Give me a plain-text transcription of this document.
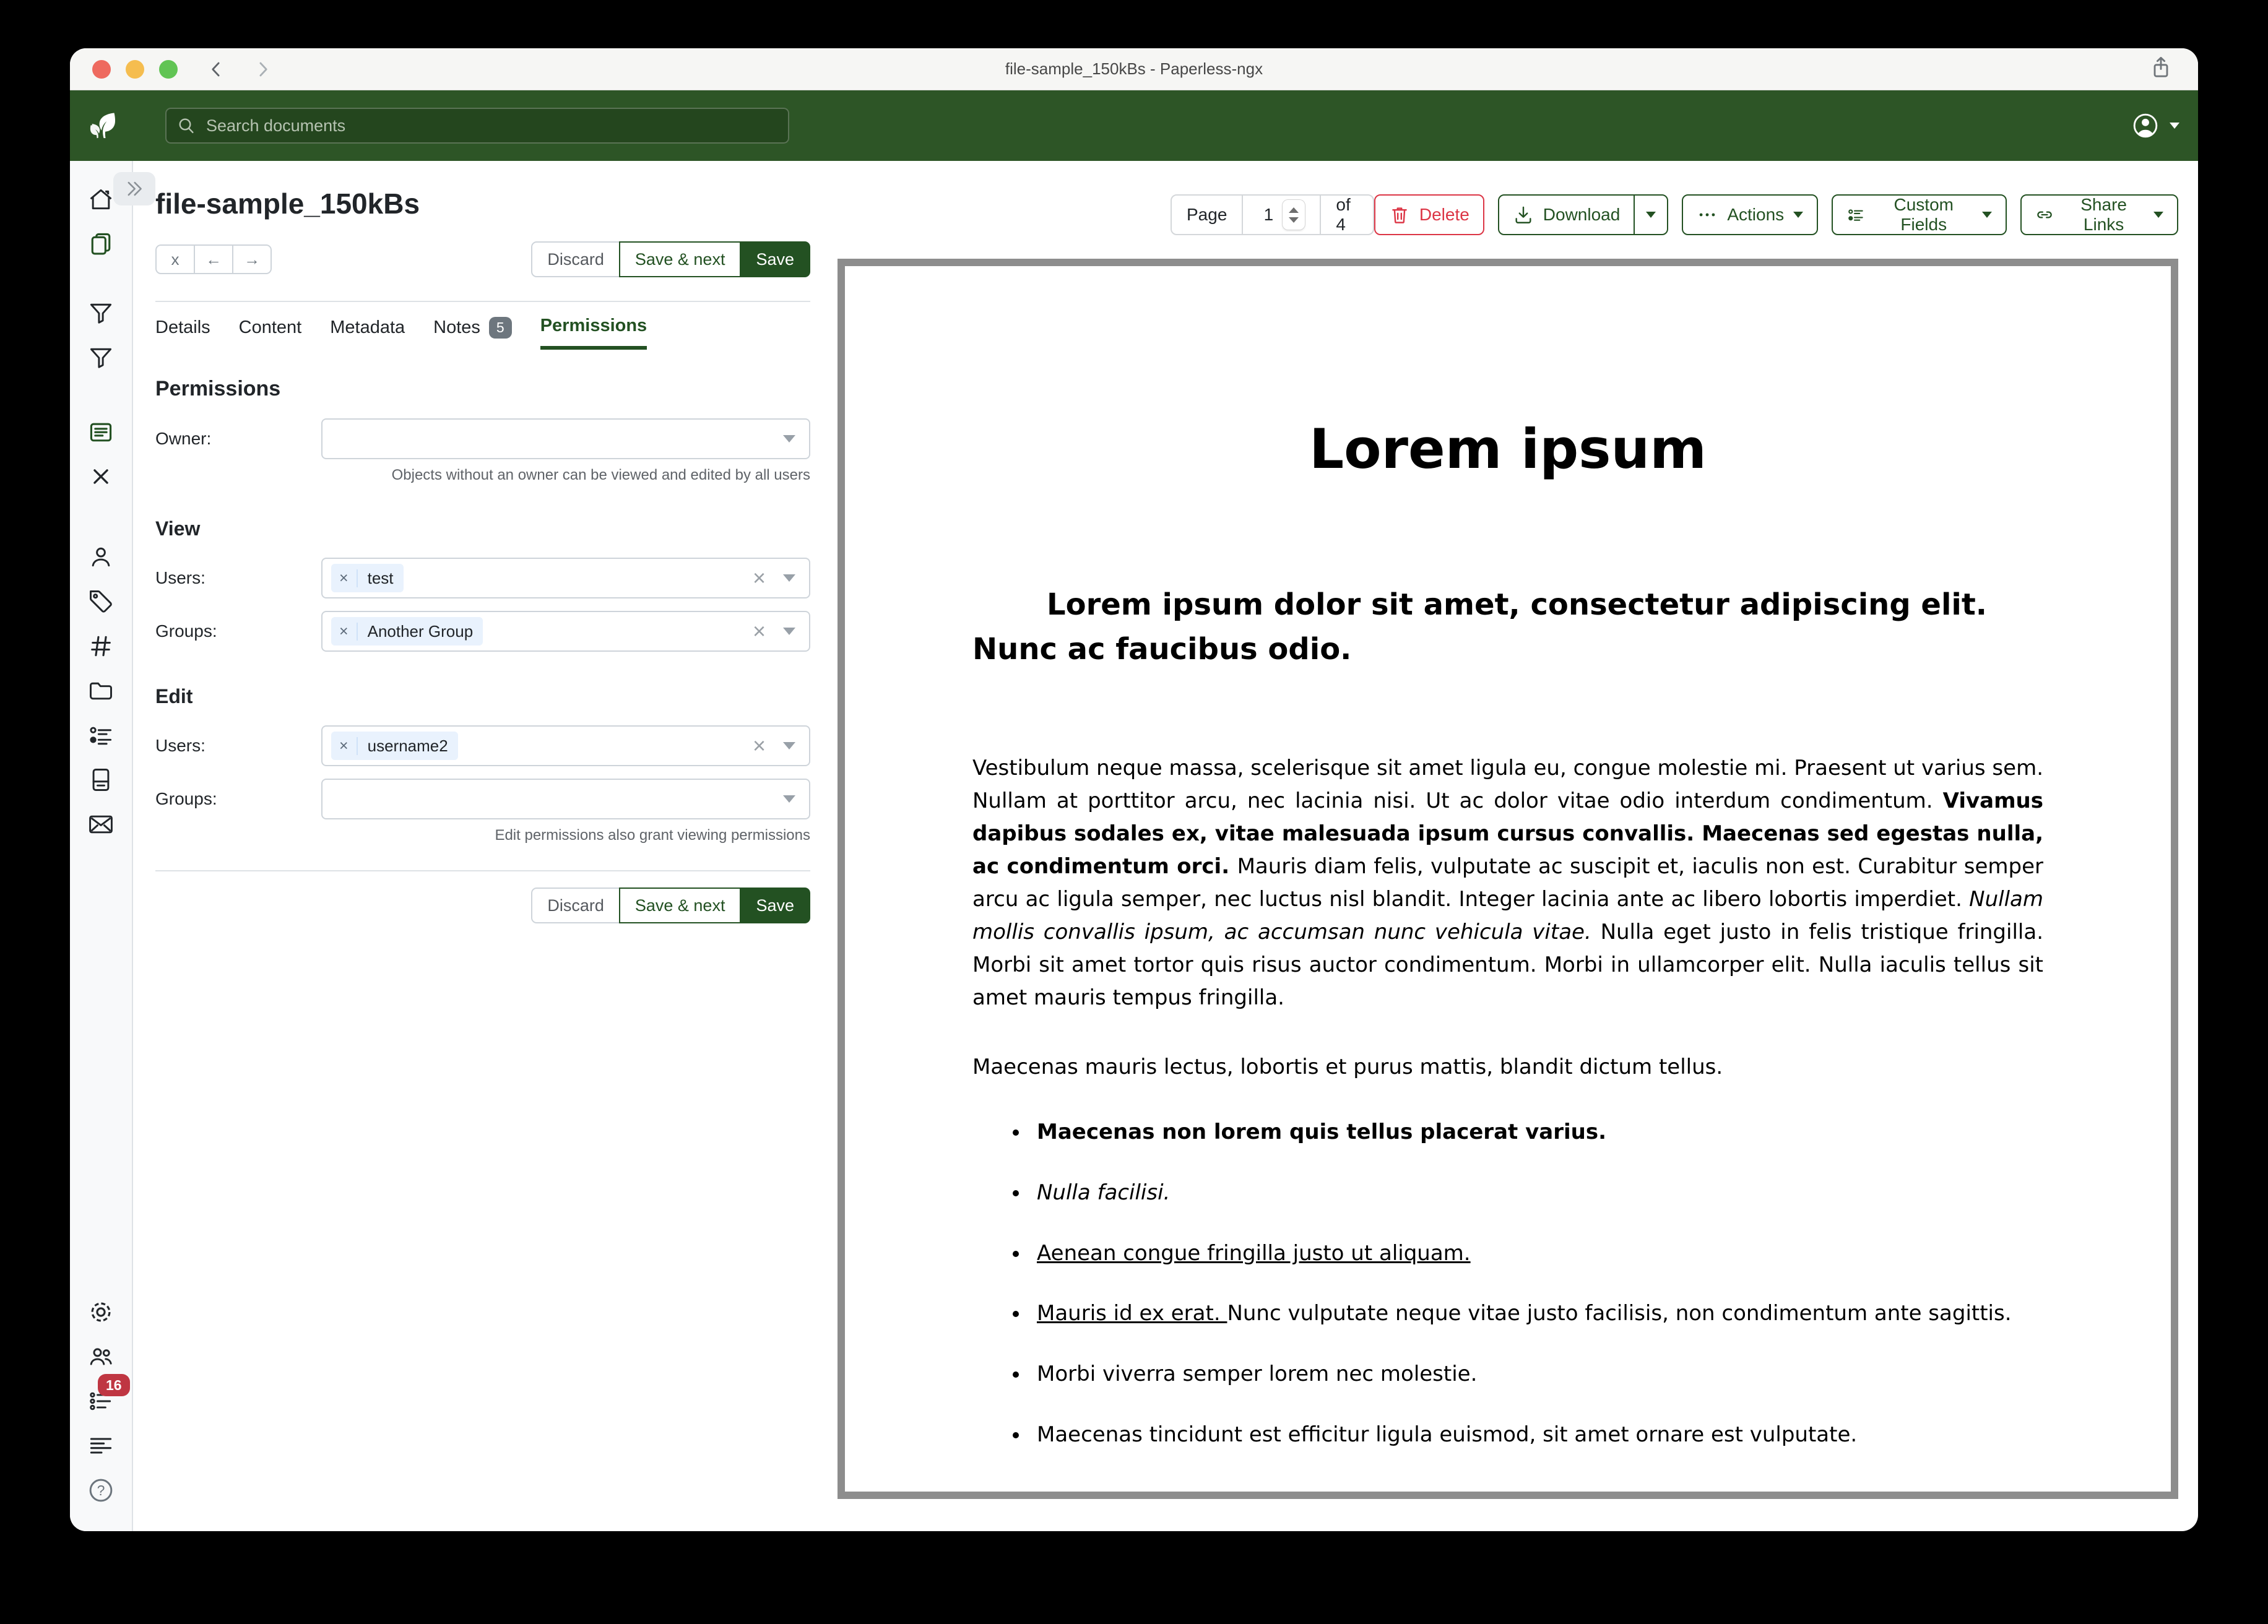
file-sample_150kBs - Paperless-ngx
Search documents
16
?
file-sample_150kBs
x	←	→	Discard	Save & next	Save
Details Content Metadata Notes	5	Permissions
Permissions
Owner:
Objects without an owner can be viewed and edited by all users
View
Users:	×	test	×
Groups:	×	Another Group	×
Edit
Users:	×	username2	×
Groups:
Edit permissions also grant viewing permissions
Discard	Save & next	Save
Page
1
of 4
Delete	Download	Actions
Custom Fields
Share Links
Lorem ipsum
Lorem ipsum dolor sit amet, consectetur adipiscing elit. Nunc ac faucibus odio.

Vestibulum neque massa, scelerisque sit amet ligula eu, congue molestie mi. Praesent ut varius sem. Nullam at porttitor arcu, nec lacinia nisi. Ut ac dolor vitae odio interdum condimentum. Vivamus dapibus sodales ex, vitae malesuada ipsum cursus convallis. Maecenas sed egestas nulla, ac condimentum orci. Mauris diam felis, vulputate ac suscipit et, iaculis non est. Curabitur semper arcu ac ligula semper, nec luctus nisl blandit. Integer lacinia ante ac libero lobortis imperdiet. Nullam mollis convallis ipsum, ac accumsan nunc vehicula vitae. Nulla eget justo in felis tristique fringilla. Morbi sit amet tortor quis risus auctor condimentum. Morbi in ullamcorper elit. Nulla iaculis tellus sit amet mauris tempus fringilla.

Maecenas mauris lectus, lobortis et purus mattis, blandit dictum tellus.

• Maecenas non lorem quis tellus placerat varius.
• Nulla facilisi.
• Aenean congue fringilla justo ut aliquam.
• Mauris id ex erat. Nunc vulputate neque vitae justo facilisis, non condimentum ante sagittis.
• Morbi viverra semper lorem nec molestie.
• Maecenas tincidunt est efficitur ligula euismod, sit amet ornare est vulputate.
